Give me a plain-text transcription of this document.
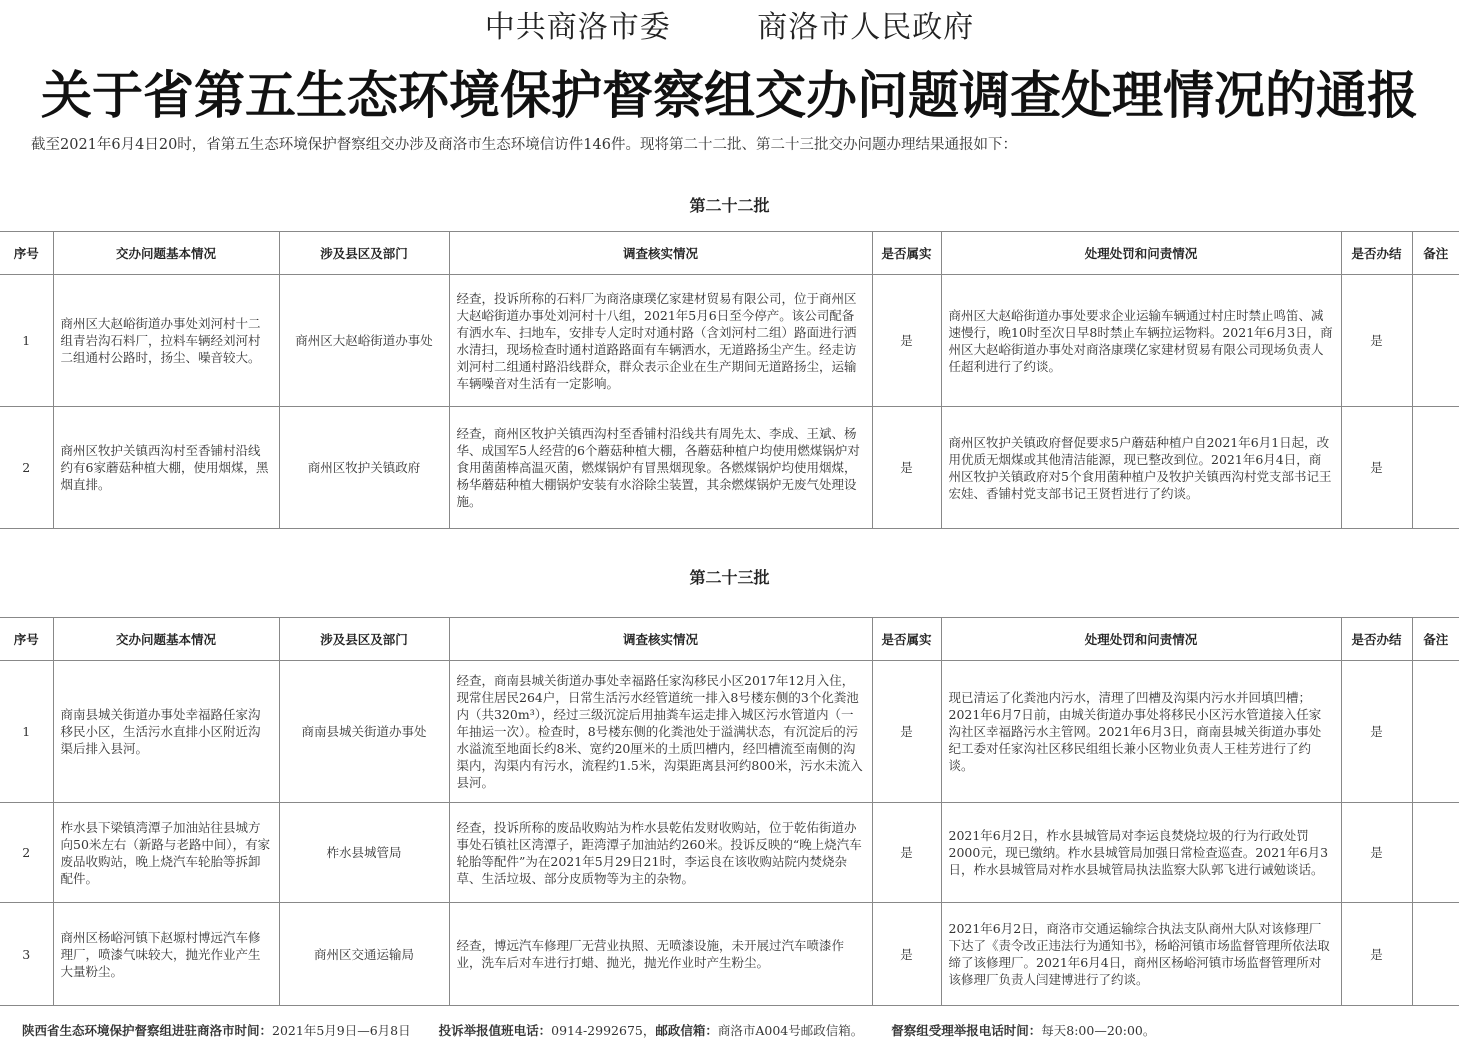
中共商洛市委	商洛市人民政府
关于省第五生态环境保护督察组交办问题调查处理情况的通报
截至2021年6月4日20时，省第五生态环境保护督察组交办涉及商洛市生态环境信访件146件。现将第二十二批、第二十三批交办问题办理结果通报如下：
第二十二批
序号	交办问题基本情况	涉及县区及部门	调查核实情况	是否属实	处理处罚和问责情况	是否办结	备注
1	商州区大赵峪街道办事处刘河村十二组青岩沟石料厂，拉料车辆经刘河村二组通村公路时，扬尘、噪音较大。	商州区大赵峪街道办事处	经查，投诉所称的石料厂为商洛康璞亿家建材贸易有限公司，位于商州区大赵峪街道办事处刘河村十八组，2021年5月6日至今停产。该公司配备有洒水车、扫地车，安排专人定时对通村路（含刘河村二组）路面进行洒水清扫，现场检查时通村道路路面有车辆洒水，无道路扬尘产生。经走访刘河村二组通村路沿线群众，群众表示企业在生产期间无道路扬尘，运输车辆噪音对生活有一定影响。	是	商州区大赵峪街道办事处要求企业运输车辆通过村庄时禁止鸣笛、减速慢行，晚10时至次日早8时禁止车辆拉运物料。2021年6月3日，商州区大赵峪街道办事处对商洛康璞亿家建材贸易有限公司现场负责人任超利进行了约谈。	是	
2	商州区牧护关镇西沟村至香铺村沿线约有6家蘑菇种植大棚，使用烟煤，黑烟直排。	商州区牧护关镇政府	经查，商州区牧护关镇西沟村至香铺村沿线共有周先太、李成、王斌、杨华、成国军5人经营的6个蘑菇种植大棚，各蘑菇种植户均使用燃煤锅炉对食用菌菌棒高温灭菌，燃煤锅炉有冒黑烟现象。各燃煤锅炉均使用烟煤，杨华蘑菇种植大棚锅炉安装有水浴除尘装置，其余燃煤锅炉无废气处理设施。	是	商州区牧护关镇政府督促要求5户蘑菇种植户自2021年6月1日起，改用优质无烟煤或其他清洁能源，现已整改到位。2021年6月4日，商州区牧护关镇政府对5个食用菌种植户及牧护关镇西沟村党支部书记王宏娃、香铺村党支部书记王贤哲进行了约谈。	是	
第二十三批
序号	交办问题基本情况	涉及县区及部门	调查核实情况	是否属实	处理处罚和问责情况	是否办结	备注
1	商南县城关街道办事处幸福路任家沟移民小区，生活污水直排小区附近沟渠后排入县河。	商南县城关街道办事处	经查，商南县城关街道办事处幸福路任家沟移民小区2017年12月入住，现常住居民264户，日常生活污水经管道统一排入8号楼东侧的3个化粪池内（共320m³），经过三级沉淀后用抽粪车运走排入城区污水管道内（一年抽运一次）。检查时，8号楼东侧的化粪池处于溢满状态，有沉淀后的污水溢流至地面长约8米、宽约20厘米的土质凹槽内，经凹槽流至南侧的沟渠内，沟渠内有污水，流程约1.5米，沟渠距离县河约800米，污水未流入县河。	是	现已清运了化粪池内污水，清理了凹槽及沟渠内污水并回填凹槽；2021年6月7日前，由城关街道办事处将移民小区污水管道接入任家沟社区幸福路污水主管网。2021年6月3日，商南县城关街道办事处纪工委对任家沟社区移民组组长兼小区物业负责人王桂芳进行了约谈。	是	
2	柞水县下梁镇湾潭子加油站往县城方向50米左右（新路与老路中间），有家废品收购站，晚上烧汽车轮胎等拆卸配件。	柞水县城管局	经查，投诉所称的废品收购站为柞水县乾佑发财收购站，位于乾佑街道办事处石镇社区湾潭子，距湾潭子加油站约260米。投诉反映的“晚上烧汽车轮胎等配件”为在2021年5月29日21时，李运良在该收购站院内焚烧杂草、生活垃圾、部分皮质物等为主的杂物。	是	2021年6月2日，柞水县城管局对李运良焚烧垃圾的行为行政处罚2000元，现已缴纳。柞水县城管局加强日常检查巡查。2021年6月3日，柞水县城管局对柞水县城管局执法监察大队郭飞进行诫勉谈话。	是	
3	商州区杨峪河镇下赵塬村博远汽车修理厂，喷漆气味较大，抛光作业产生大量粉尘。	商州区交通运输局	经查，博远汽车修理厂无营业执照、无喷漆设施，未开展过汽车喷漆作业，洗车后对车进行打蜡、抛光，抛光作业时产生粉尘。	是	2021年6月2日，商洛市交通运输综合执法支队商州大队对该修理厂下达了《责令改正违法行为通知书》，杨峪河镇市场监督管理所依法取缔了该修理厂。2021年6月4日，商州区杨峪河镇市场监督管理所对该修理厂负责人闫建博进行了约谈。	是	
陕西省生态环境保护督察组进驻商洛市时间：2021年5月9日—6月8日 投诉举报值班电话：0914-2992675，邮政信箱：商洛市A004号邮政信箱。 督察组受理举报电话时间：每天8:00—20:00。
